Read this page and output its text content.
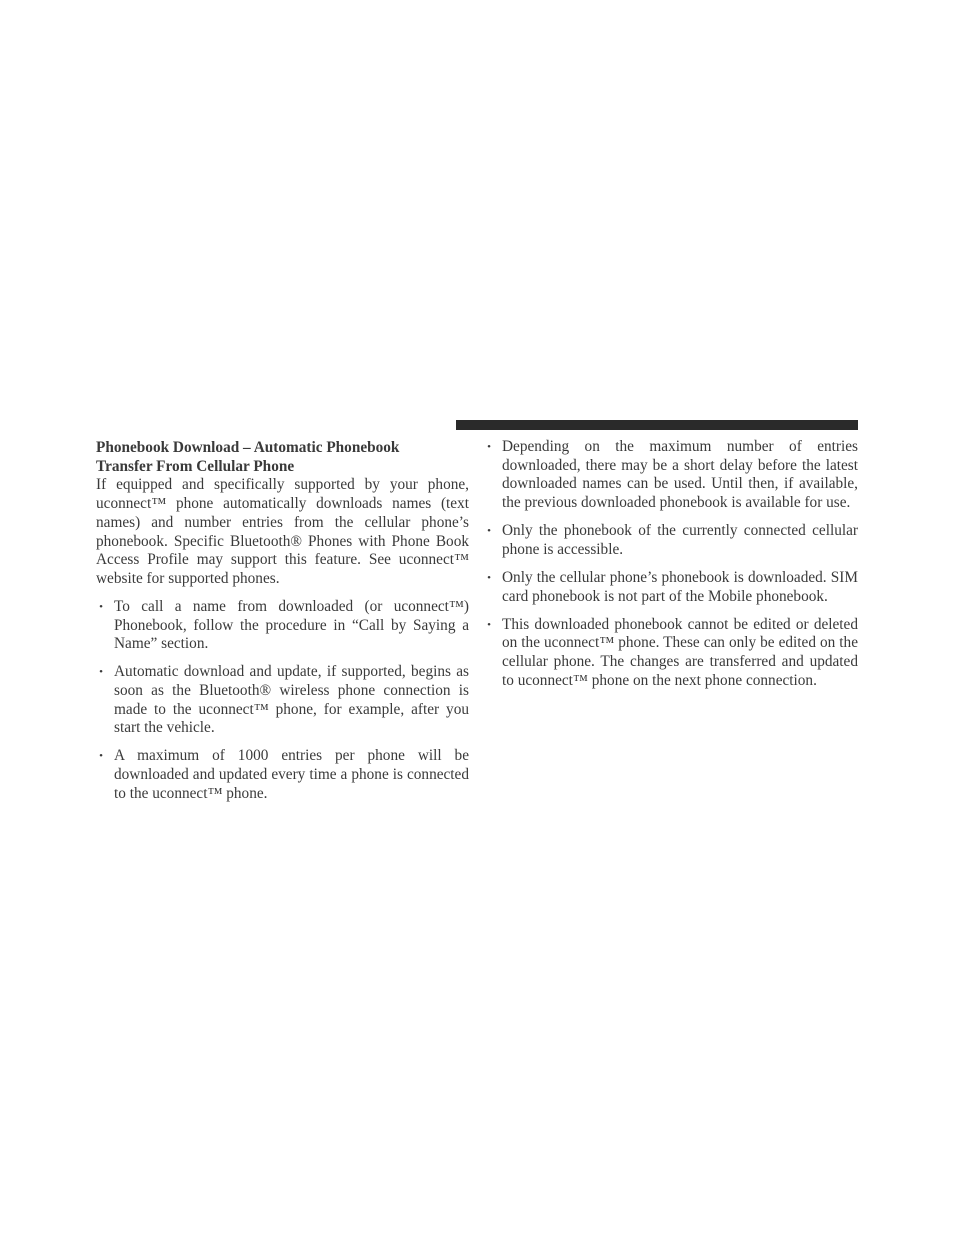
Phonebook Download – Automatic Phonebook
Transfer From Cellular Phone

If equipped and specifically supported by your phone, uconnect™ phone automatically downloads names (text names) and number entries from the cellular phone’s phonebook. Specific Bluetooth® Phones with Phone Book Access Profile may support this feature. See uconnect™ website for supported phones.

• To call a name from downloaded (or uconnect™) Phonebook, follow the procedure in “Call by Saying a Name” section.
• Automatic download and update, if supported, begins as soon as the Bluetooth® wireless phone connection is made to the uconnect™ phone, for example, after you start the vehicle.
• A maximum of 1000 entries per phone will be downloaded and updated every time a phone is connected to the uconnect™ phone.
• Depending on the maximum number of entries downloaded, there may be a short delay before the latest downloaded names can be used. Until then, if available, the previous downloaded phonebook is available for use.
• Only the phonebook of the currently connected cellular phone is accessible.
• Only the cellular phone’s phonebook is downloaded. SIM card phonebook is not part of the Mobile phonebook.
• This downloaded phonebook cannot be edited or deleted on the uconnect™ phone. These can only be edited on the cellular phone. The changes are transferred and updated to uconnect™ phone on the next phone connection.
